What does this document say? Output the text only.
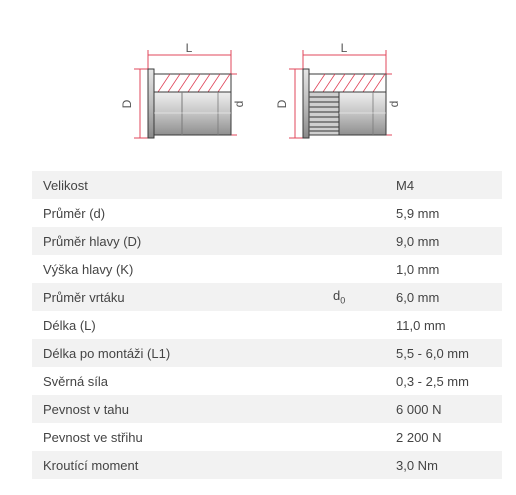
L
D	d
L
D	d
Velikost		M4
Průměr (d)		5,9 mm
Průměr hlavy (D)		9,0 mm
Výška hlavy (K)		1,0 mm
Průměr vrtáku	$d_0$	6,0 mm
Délka (L)		11,0 mm
Délka po montáži (L1)		5,5 - 6,0 mm
Svěrná síla		0,3 - 2,5 mm
Pevnost v tahu		6 000 N
Pevnost ve střihu		2 200 N
Kroutící moment		3,0 Nm
